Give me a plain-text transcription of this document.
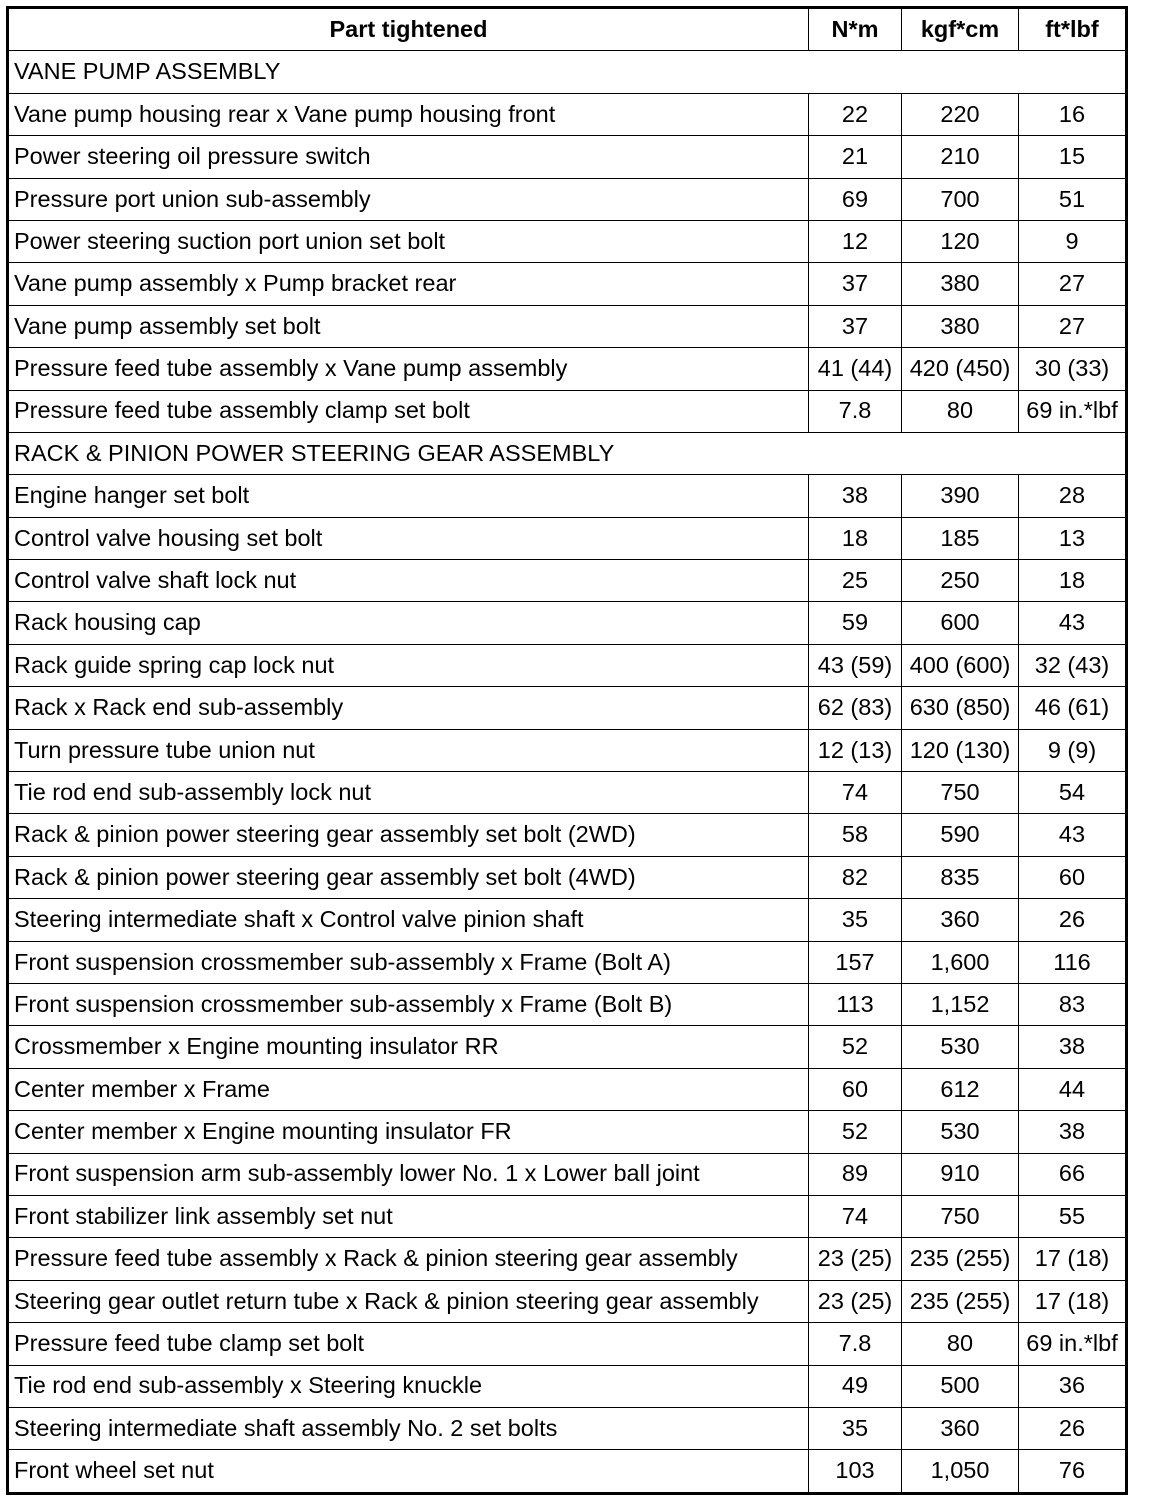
Part tightened	N*m	kgf*cm	ft*lbf
VANE PUMP ASSEMBLY			
Vane pump housing rear x Vane pump housing front	22	220	16
Power steering oil pressure switch	21	210	15
Pressure port union sub-assembly	69	700	51
Power steering suction port union set bolt	12	120	9
Vane pump assembly x Pump bracket rear	37	380	27
Vane pump assembly set bolt	37	380	27
Pressure feed tube assembly x Vane pump assembly	41 (44)	420 (450)	30 (33)
Pressure feed tube assembly clamp set bolt	7.8	80	69 in.*lbf
RACK & PINION POWER STEERING GEAR ASSEMBLY			
Engine hanger set bolt	38	390	28
Control valve housing set bolt	18	185	13
Control valve shaft lock nut	25	250	18
Rack housing cap	59	600	43
Rack guide spring cap lock nut	43 (59)	400 (600)	32 (43)
Rack x Rack end sub-assembly	62 (83)	630 (850)	46 (61)
Turn pressure tube union nut	12 (13)	120 (130)	9 (9)
Tie rod end sub-assembly lock nut	74	750	54
Rack & pinion power steering gear assembly set bolt (2WD)	58	590	43
Rack & pinion power steering gear assembly set bolt (4WD)	82	835	60
Steering intermediate shaft x Control valve pinion shaft	35	360	26
Front suspension crossmember sub-assembly x Frame (Bolt A)	157	1,600	116
Front suspension crossmember sub-assembly x Frame (Bolt B)	113	1,152	83
Crossmember x Engine mounting insulator RR	52	530	38
Center member x Frame	60	612	44
Center member x Engine mounting insulator FR	52	530	38
Front suspension arm sub-assembly lower No. 1 x Lower ball joint	89	910	66
Front stabilizer link assembly set nut	74	750	55
Pressure feed tube assembly x Rack & pinion steering gear assembly	23 (25)	235 (255)	17 (18)
Steering gear outlet return tube x Rack & pinion steering gear assembly	23 (25)	235 (255)	17 (18)
Pressure feed tube clamp set bolt	7.8	80	69 in.*lbf
Tie rod end sub-assembly x Steering knuckle	49	500	36
Steering intermediate shaft assembly No. 2 set bolts	35	360	26
Front wheel set nut	103	1,050	76
